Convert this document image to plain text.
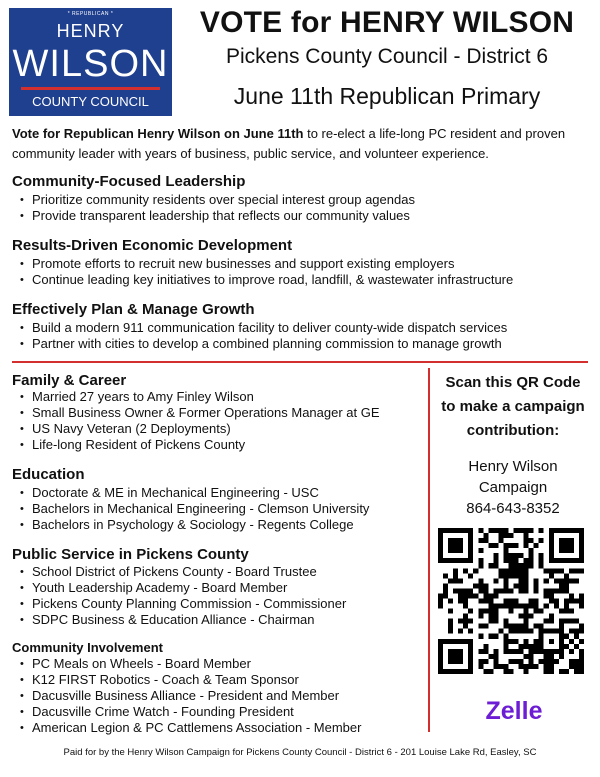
* REPUBLICAN *
HENRY
WILSON
COUNTY COUNCIL
VOTE for HENRY WILSON
Pickens County Council - District 6
June 11th Republican Primary
Vote for Republican Henry Wilson on June 11th to re-elect a life-long PC resident and proven community leader with years of business, public service, and volunteer experience.
Community-Focused Leadership
• Prioritize community residents over special interest group agendas
• Provide transparent leadership that reflects our community values
Results-Driven Economic Development
• Promote efforts to recruit new businesses and support existing employers
• Continue leading key initiatives to improve road, landfill, & wastewater infrastructure
Effectively Plan & Manage Growth
• Build a modern 911 communication facility to deliver county-wide dispatch services
• Partner with cities to develop a combined planning commission to manage growth
Family & Career
• Married 27 years to Amy Finley Wilson
• Small Business Owner & Former Operations Manager at GE
• US Navy Veteran (2 Deployments)
• Life-long Resident of Pickens County
Education
• Doctorate & ME in Mechanical Engineering - USC
• Bachelors in Mechanical Engineering - Clemson University
• Bachelors in Psychology & Sociology - Regents College
Public Service in Pickens County
• School District of Pickens County - Board Trustee
• Youth Leadership Academy - Board Member
• Pickens County Planning Commission - Commissioner
• SDPC Business & Education Alliance - Chairman
Community Involvement
• PC Meals on Wheels - Board Member
• K12 FIRST Robotics - Coach & Team Sponsor
• Dacusville Business Alliance - President and Member
• Dacusville Crime Watch - Founding President
• American Legion & PC Cattlemens Association - Member
Scan this QR Code
to make a campaign
contribution:
Henry Wilson
Campaign
864-643-8352
Zelle
Paid for by the Henry Wilson Campaign for Pickens County Council - District 6 - 201 Louise Lake Rd, Easley, SC
